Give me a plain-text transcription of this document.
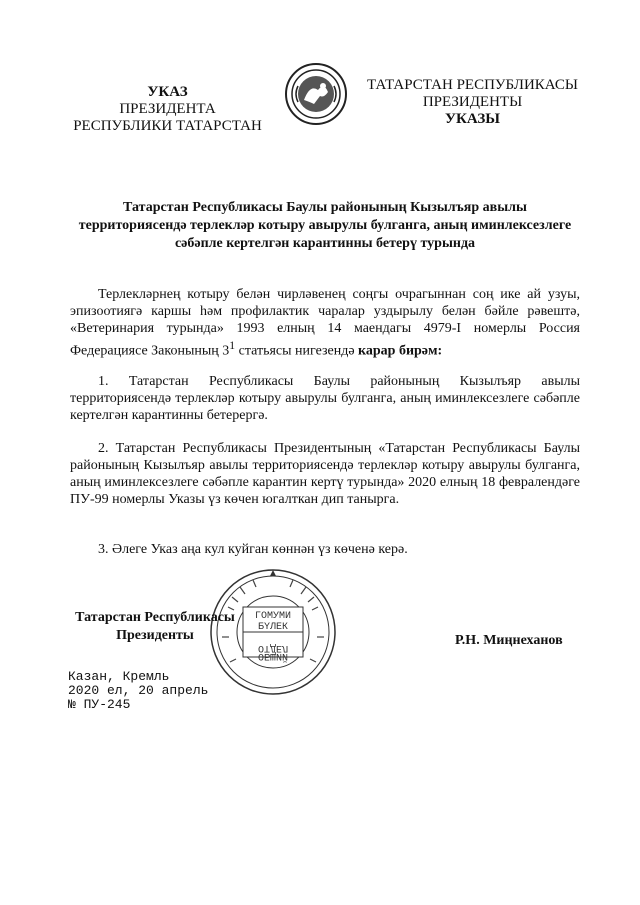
УКАЗ
ПРЕЗИДЕНТА
РЕСПУБЛИКИ ТАТАРСТАН
ТАТАРСТАН РЕСПУБЛИКАСЫ
ПРЕЗИДЕНТЫ
УКАЗЫ
Татарстан Республикасы Баулы районының Кызылъяр авылы территориясендә терлекләр котыру авырулы булганга, аның иминлексезлеге сәбәпле кертелгән карантинны бетерү турында
Терлекләрнең котыру белән чирләвенең соңгы очрагыннан соң ике ай узуы, эпизоотиягә каршы һәм профилактик чаралар уздырылу белән бәйле рәвештә, «Ветеринария турында» 1993 елның 14 маендагы 4979-I номерлы Россия Федерациясе Законының $3^1$ статьясы нигезендә карар бирәм:
1. Татарстан Республикасы Баулы районының Кызылъяр авылы территориясендә терлекләр котыру авырулы булганга, аның иминлексезлеге сәбәпле кертелгән карантинны бетерергә.
2. Татарстан Республикасы Президентының «Татарстан Республикасы Баулы районының Кызылъяр авылы территориясендә терлекләр котыру авырулы булганга, аның иминлексезлеге сәбәпле карантин кертү турында» 2020 елның 18 февралендәге ПУ-99 номерлы Указы үз көчен югалткан дип танырга.
3. Әлеге Указ аңа кул куйган көннән үз көченә керә.
ГОМУМИ
БҮЛЕК
ОТДЕЛ
ОБЩИЙ
Татарстан Республикасы
Президенты	Р.Н. Миңнеханов
Казан, Кремль
2020 ел, 20 апрель
№ ПУ-245
